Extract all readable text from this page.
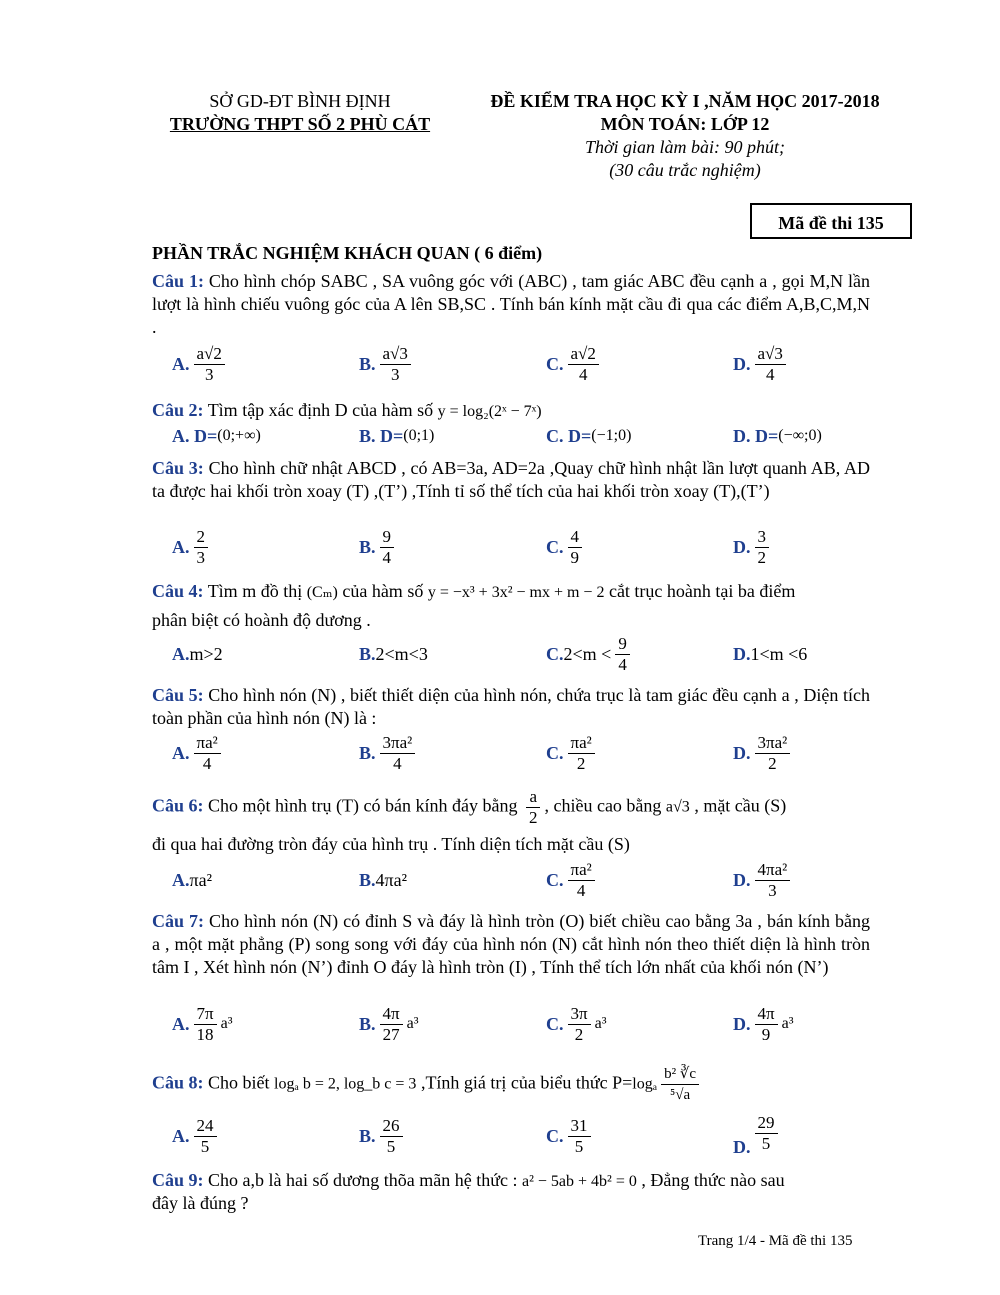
SỞ GD-ĐT BÌNH ĐỊNH
TRƯỜNG THPT SỐ 2 PHÙ CÁT
ĐỀ KIỂM TRA HỌC KỲ I ,NĂM HỌC 2017-2018
MÔN TOÁN: LỚP 12
Thời gian làm bài: 90 phút;
(30 câu trắc nghiệm)
Mã đề thi 135
PHẦN TRẮC NGHIỆM KHÁCH QUAN ( 6 điểm)
Câu 1: Cho hình chóp SABC , SA vuông góc với (ABC) , tam giác ABC đều cạnh a , gọi M,N lần lượt là hình chiếu vuông góc của A lên SB,SC . Tính bán kính mặt cầu đi qua các điểm A,B,C,M,N .
A. $\frac{a√2}{3}$	B. $\frac{a√3}{3}$	C. $\frac{a√2}{4}$	D. $\frac{a√3}{4}$
Câu 2: Tìm tập xác định D của hàm số y = log₂(2ˣ − 7ˣ)
A. D= (0;+∞)	B. D= (0;1)	C. D= (−1;0)	D. D= (−∞;0)
Câu 3: Cho hình chữ nhật ABCD , có AB=3a, AD=2a ,Quay chữ hình nhật lần lượt quanh AB, AD ta được hai khối tròn xoay (T) ,(T’) ,Tính tỉ số thể tích của hai khối tròn xoay (T),(T’)
A. $\frac{2}{3}$	B. $\frac{9}{4}$	C. $\frac{4}{9}$	D. $\frac{3}{2}$
Câu 4: Tìm m đồ thị (Cₘ) của hàm số y = −x³ + 3x² − mx + m − 2 cắt trục hoành tại ba điểm
phân biệt có hoành độ dương .
A. m>2	B. 2<m<3	C. $2<m < \frac{9}{4}$	D. 1<m <6
Câu 5: Cho hình nón (N) , biết thiết diện của hình nón, chứa trục là tam giác đều cạnh a , Diện tích toàn phần của hình nón (N) là :
A. $\frac{\text{πa²}}{4}$	B. $\frac{\text{3πa²}}{4}$	C. $\frac{\text{πa²}}{2}$	D. $\frac{\text{3πa²}}{2}$
Câu 6: Cho một hình trụ (T) có bán kính đáy bằng $\frac{a}{2}$ , chiều cao bằng a√3 , mặt cầu (S)
đi qua hai đường tròn đáy của hình trụ . Tính diện tích mặt cầu (S)
A. πa²	B. 4πa²	C. $\frac{\text{πa²}}{4}$	D. $\frac{\text{4πa²}}{3}$
Câu 7: Cho hình nón (N) có đỉnh S và đáy là hình tròn (O) biết chiều cao bằng 3a , bán kính bằng a , một mặt phẳng (P) song song với đáy của hình nón (N) cắt hình nón theo thiết diện là hình tròn tâm I , Xét hình nón (N’) đỉnh O đáy là hình tròn (I) , Tính thể tích lớn nhất của khối nón (N’)
A. $\frac{7\pi}{18} a^3$	B. $\frac{4\pi}{27} a^3$	C. $\frac{3\pi}{2} a^3$	D. $\frac{4\pi}{9} a^3$
Câu 8: Cho biết logₐ b = 2, log_b c = 3 ,Tính giá trị của biểu thức $P=\log_a \frac{\text{b² ∛c}}{\text{⁵√a}}$
A. $\frac{24}{5}$	B. $\frac{26}{5}$	C. $\frac{31}{5}$	D. $\frac{29}{5}$
Câu 9: Cho a,b là hai số dương thõa mãn hệ thức : a² − 5ab + 4b² = 0 , Đẳng thức nào sau
đây là đúng ?
Trang 1/4 - Mã đề thi 135
